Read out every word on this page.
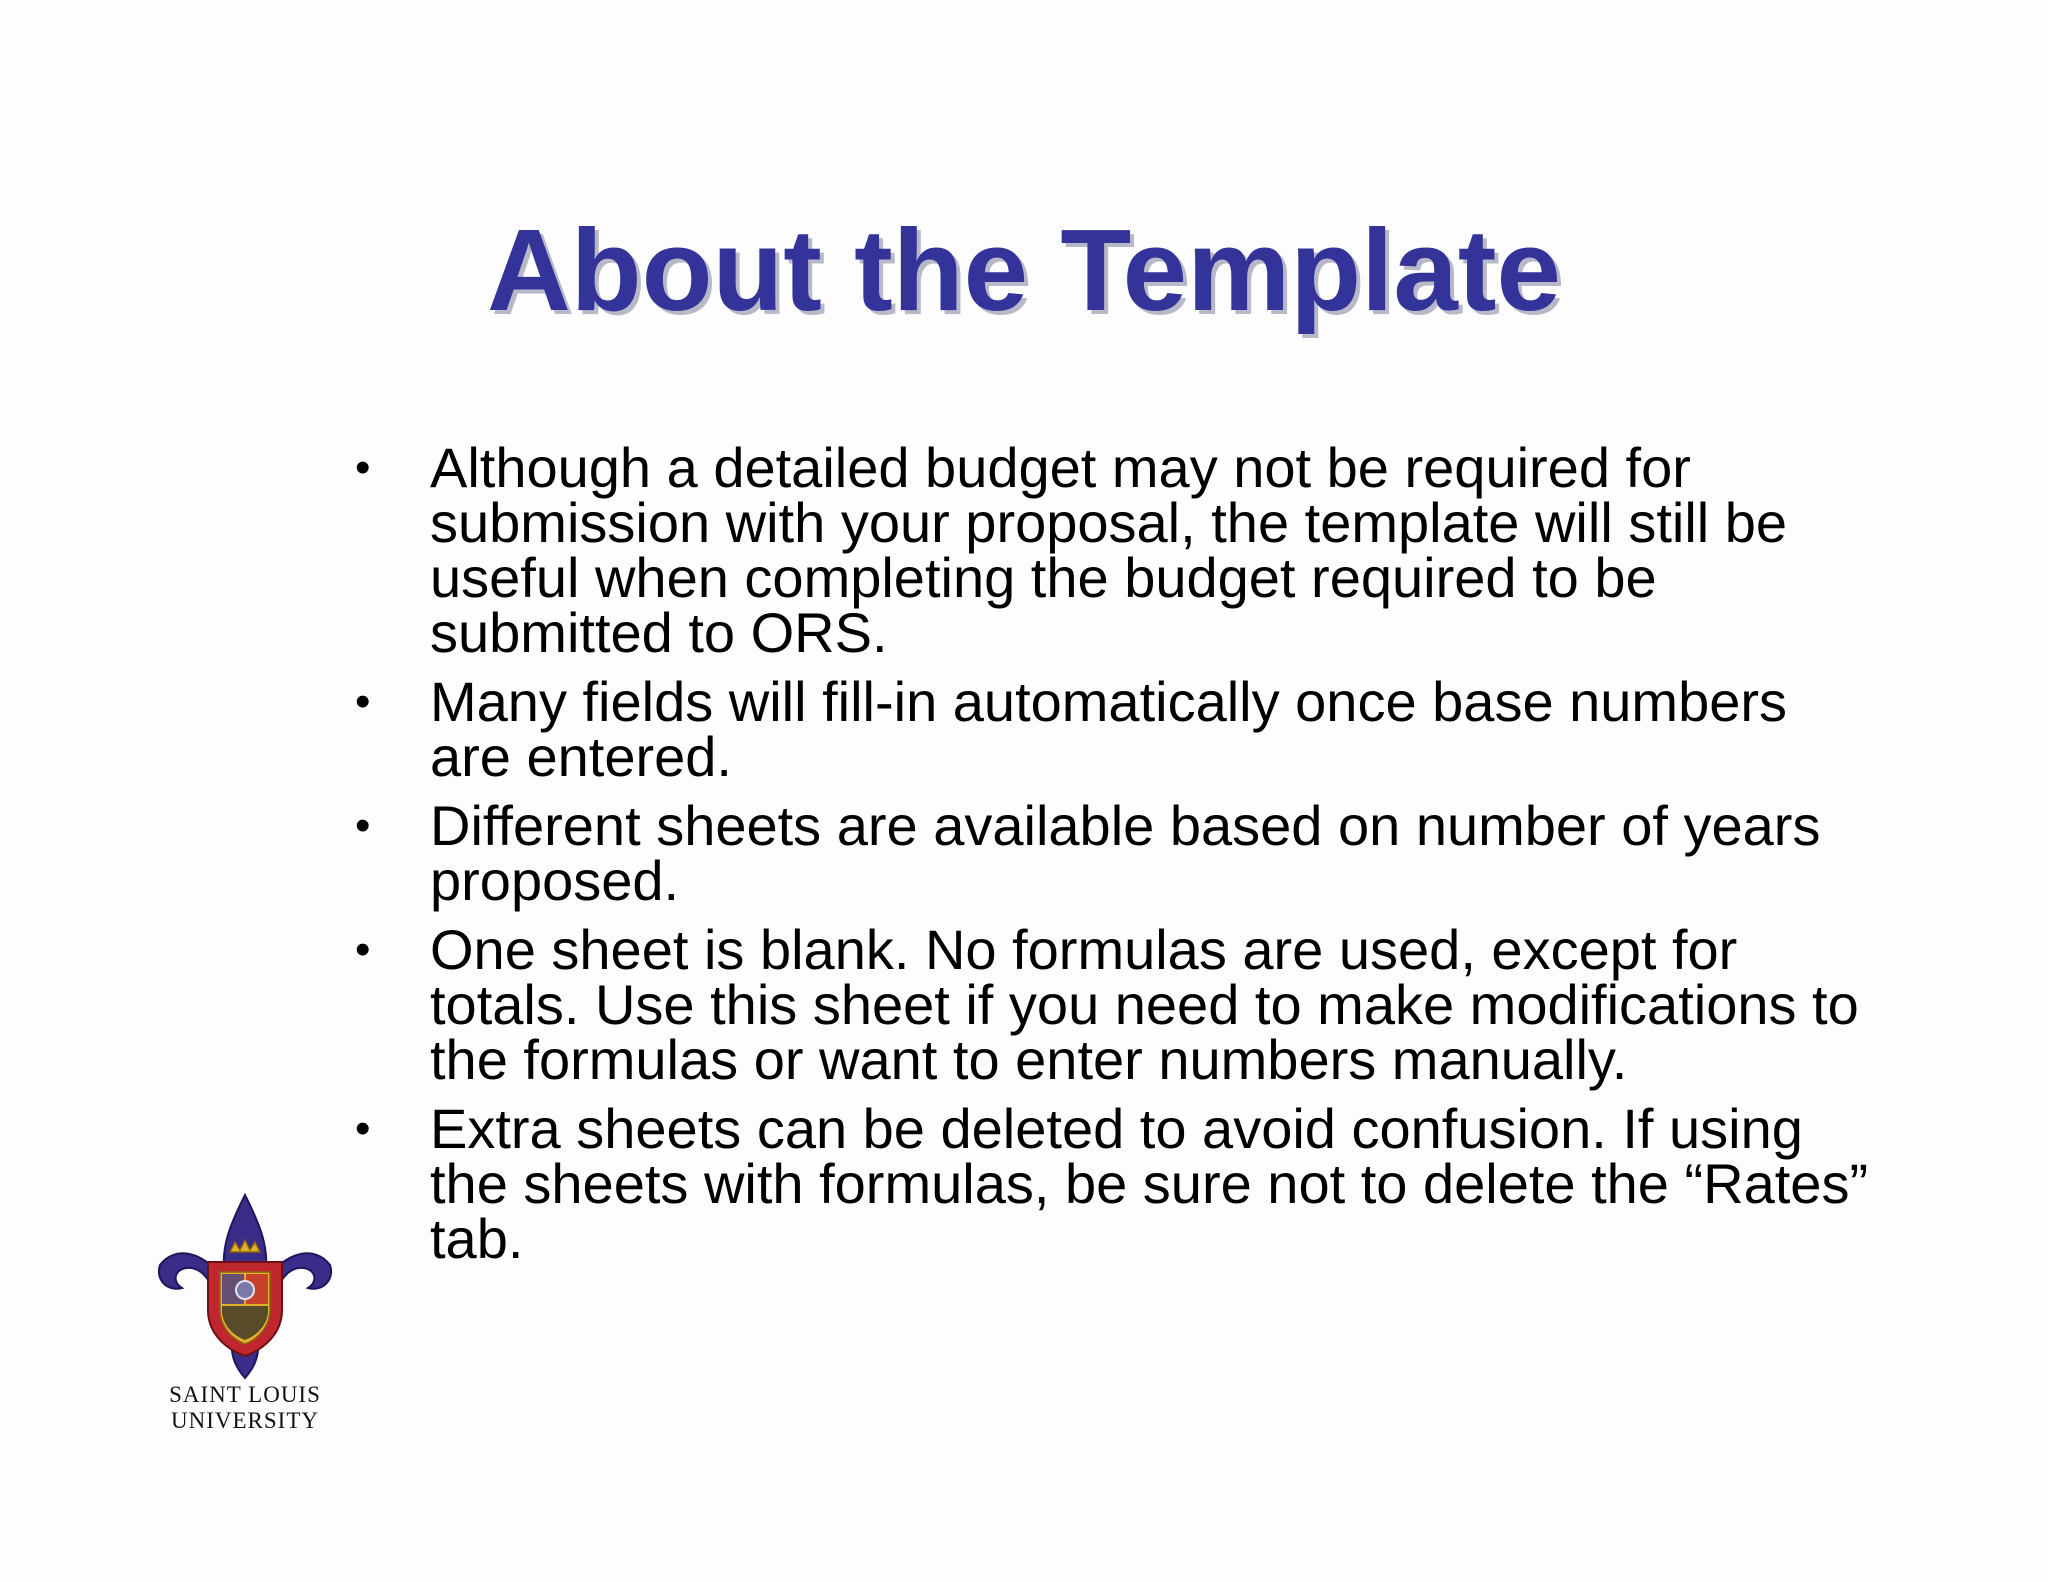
About the Template
•	Although a detailed budget may not be required for submission with your proposal, the template will still be useful when completing the budget required to be submitted to ORS.
•	Many fields will fill-in automatically once base numbers are entered.
•	Different sheets are available based on number of years proposed.
•	One sheet is blank. No formulas are used, except for totals. Use this sheet if you need to make modifications to the formulas or want to enter numbers manually.
•	Extra sheets can be deleted to avoid confusion. If using the sheets with formulas, be sure not to delete the “Rates” tab.
SAINT LOUIS
UNIVERSITY
